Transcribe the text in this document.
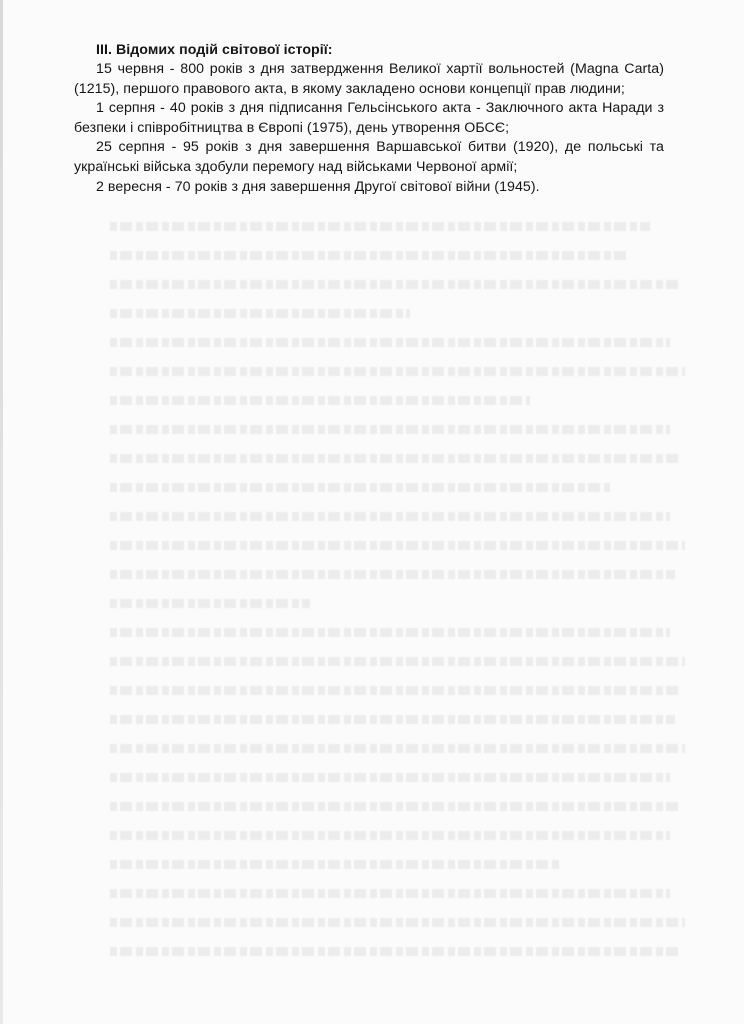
III. Відомих подій світової історії:

15 червня - 800 років з дня затвердження Великої хартії вольностей (Magna Carta) (1215), першого правового акта, в якому закладено основи концепції прав людини;

1 серпня - 40 років з дня підписання Гельсінського акта - Заключного акта Наради з безпеки і співробітництва в Європі (1975), день утворення ОБСЄ;

25 серпня - 95 років з дня завершення Варшавської битви (1920), де польські та українські війська здобули перемогу над військами Червоної армії;

2 вересня - 70 років з дня завершення Другої світової війни (1945).
